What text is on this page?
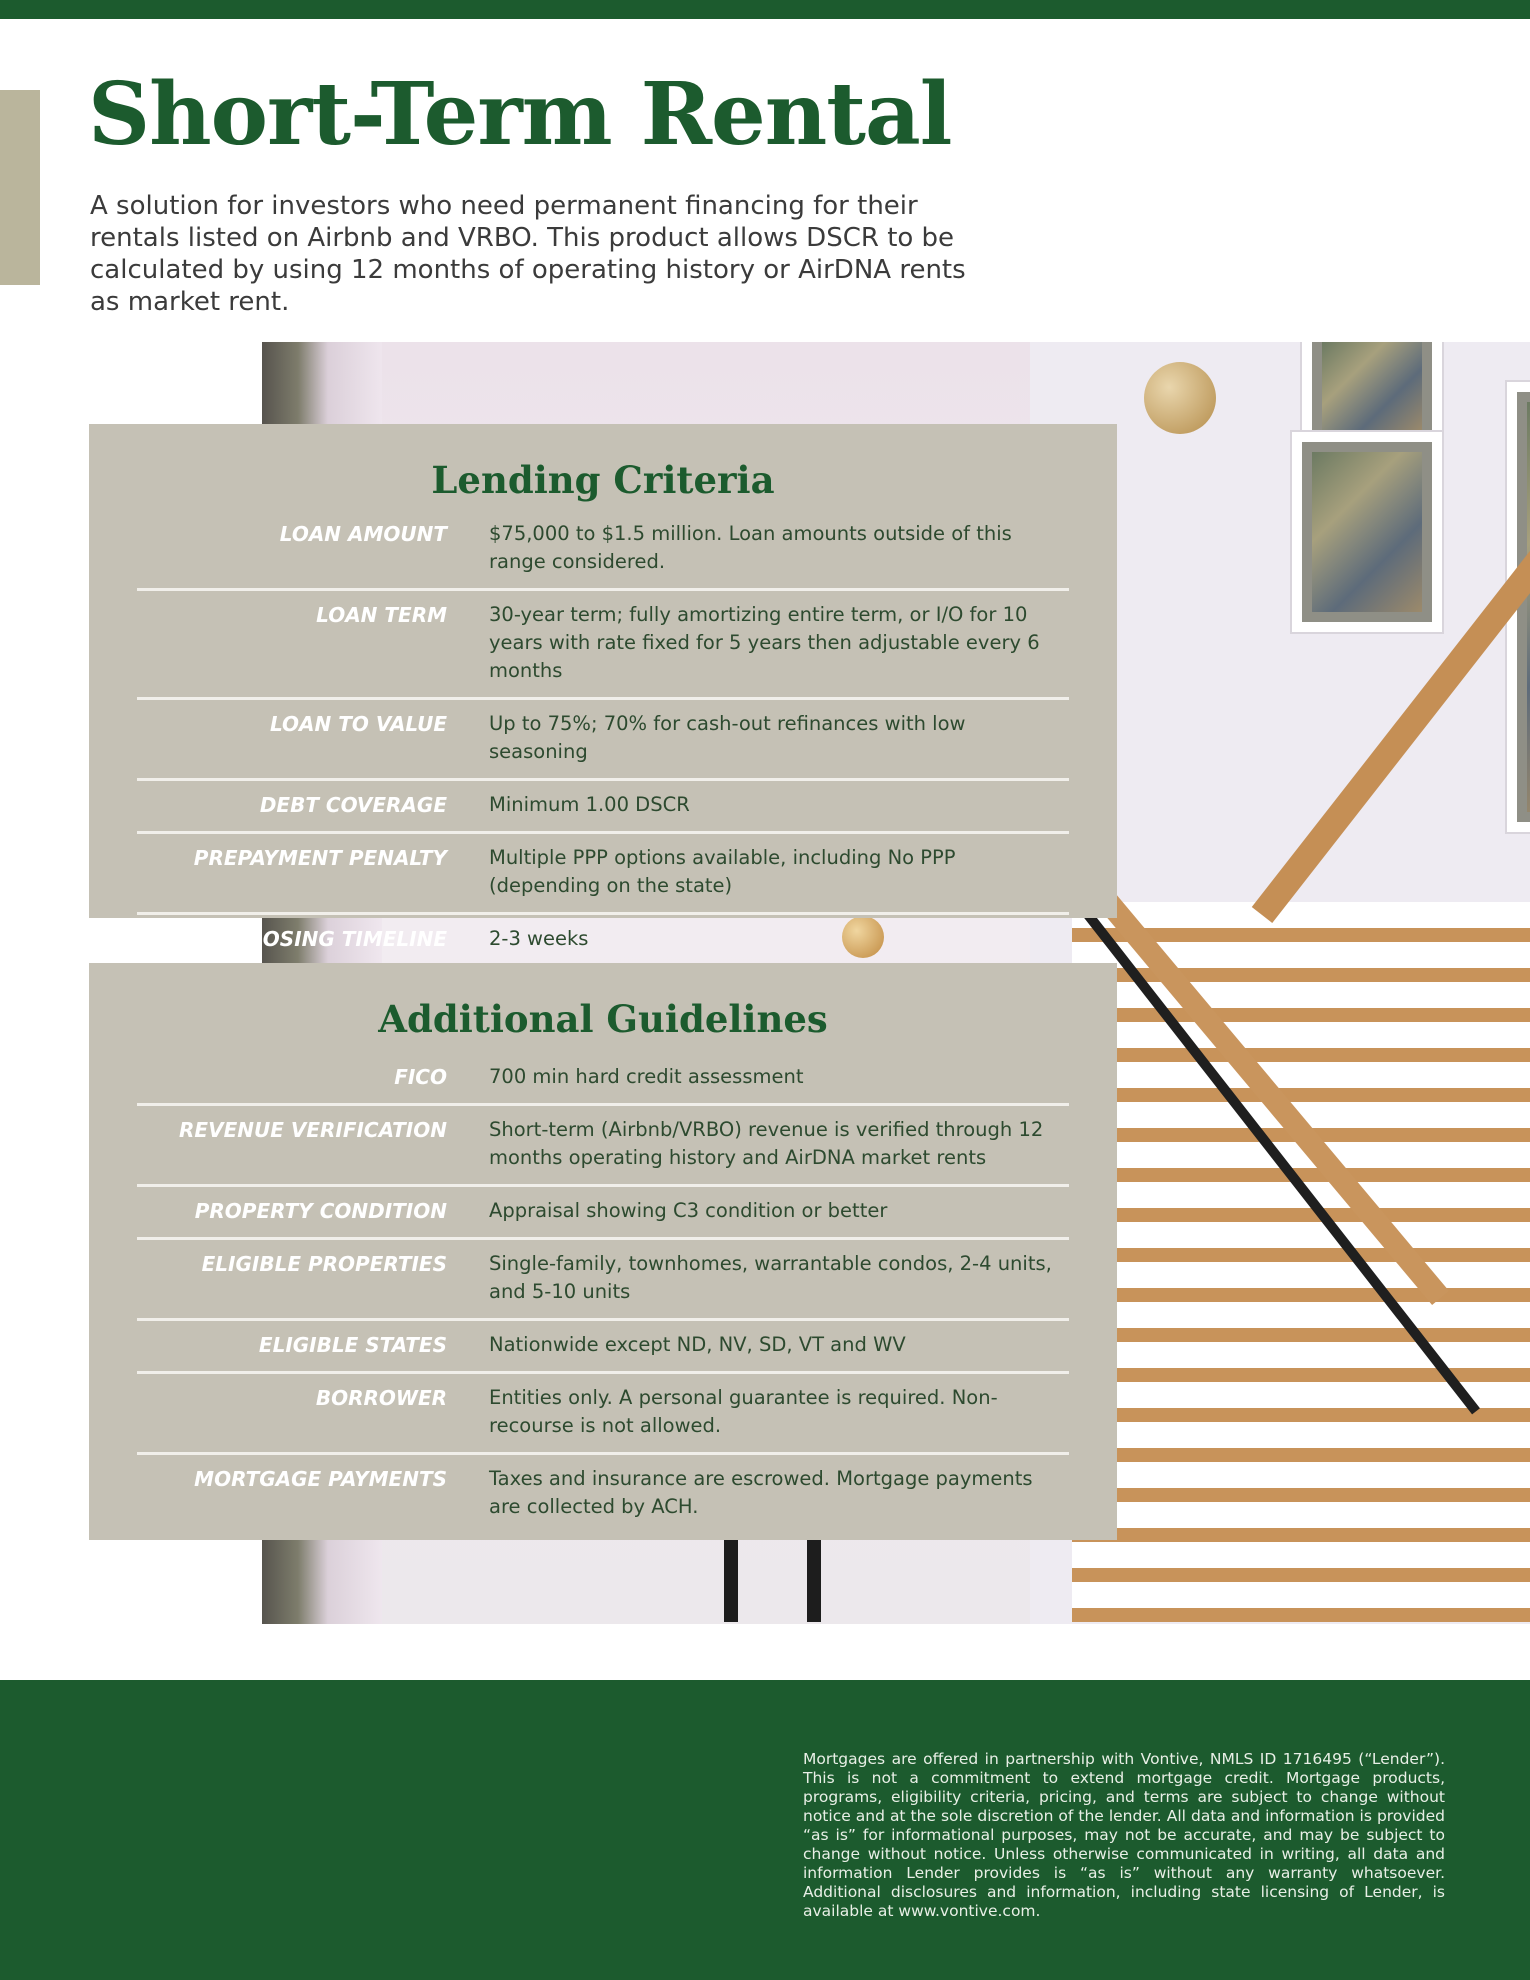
Short-Term Rental

A solution for investors who need permanent financing for their rentals listed on Airbnb and VRBO. This product allows DSCR to be calculated by using 12 months of operating history or AirDNA rents as market rent.

Lending Criteria
LOAN AMOUNT $75,000 to $1.5 million. Loan amounts outside of this range considered.
LOAN TERM 30-year term; fully amortizing entire term, or I/O for 10 years with rate fixed for 5 years then adjustable every 6 months
LOAN TO VALUE Up to 75%; 70% for cash-out refinances with low seasoning
DEBT COVERAGE Minimum 1.00 DSCR
PREPAYMENT PENALTY Multiple PPP options available, including No PPP (depending on the state)
CLOSING TIMELINE 2-3 weeks
Additional Guidelines
FICO 700 min hard credit assessment
REVENUE VERIFICATION Short-term (Airbnb/VRBO) revenue is verified through 12 months operating history and AirDNA market rents
PROPERTY CONDITION Appraisal showing C3 condition or better
ELIGIBLE PROPERTIES Single-family, townhomes, warrantable condos, 2-4 units, and 5-10 units
ELIGIBLE STATES Nationwide except ND, NV, SD, VT and WV
BORROWER Entities only. A personal guarantee is required. Non-recourse is not allowed.
MORTGAGE PAYMENTS Taxes and insurance are escrowed. Mortgage payments are collected by ACH.

Mortgages are offered in partnership with Vontive, NMLS ID 1716495 (“Lender”). This is not a commitment to extend mortgage credit. Mortgage products, programs, eligibility criteria, pricing, and terms are subject to change without notice and at the sole discretion of the lender. All data and information is provided “as is” for informational purposes, may not be accurate, and may be subject to change without notice. Unless otherwise communicated in writing, all data and information Lender provides is “as is” without any warranty whatsoever. Additional disclosures and information, including state licensing of Lender, is available at www.vontive.com.
